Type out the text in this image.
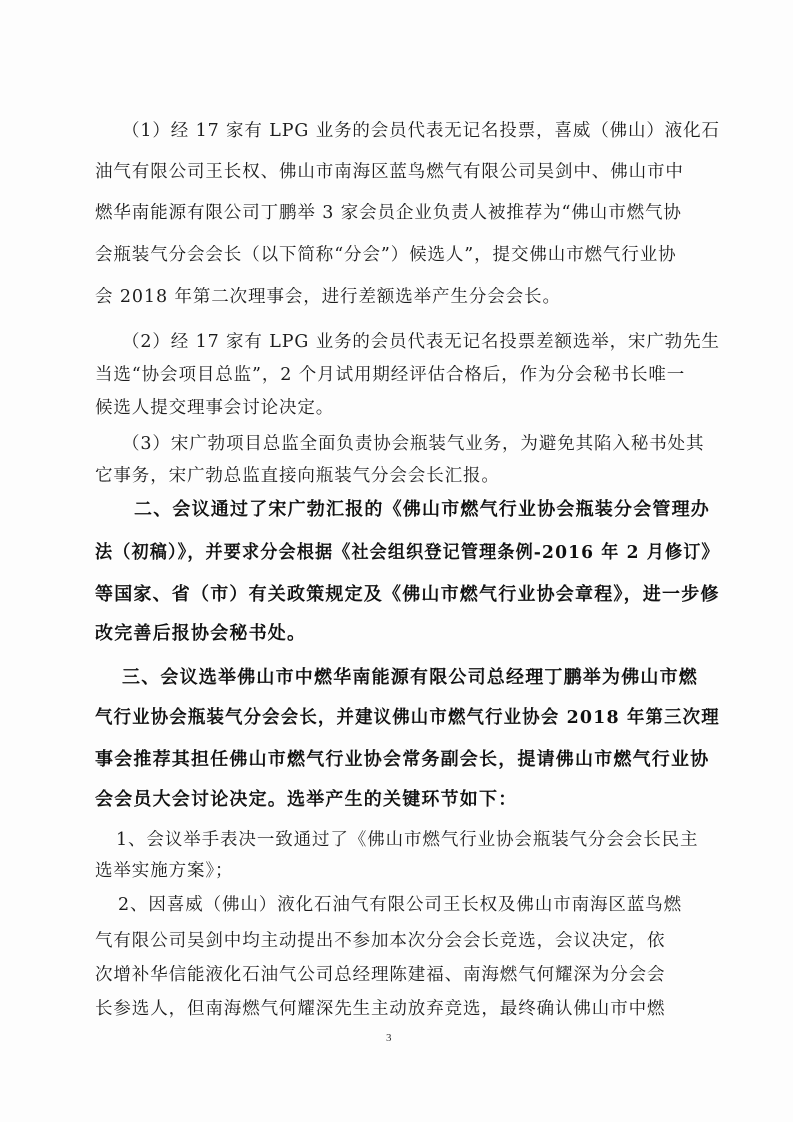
（1）经 17 家有 LPG 业务的会员代表无记名投票，喜威（佛山）液化石
油气有限公司王长权、佛山市南海区蓝鸟燃气有限公司吴剑中、佛山市中
燃华南能源有限公司丁鹏举 3 家会员企业负责人被推荐为“佛山市燃气协
会瓶装气分会会长（以下简称“分会”）候选人”，提交佛山市燃气行业协
会 2018 年第二次理事会，进行差额选举产生分会会长。
（2）经 17 家有 LPG 业务的会员代表无记名投票差额选举，宋广勃先生
当选“协会项目总监”，2 个月试用期经评估合格后，作为分会秘书长唯一
候选人提交理事会讨论决定。
（3）宋广勃项目总监全面负责协会瓶装气业务，为避免其陷入秘书处其
它事务，宋广勃总监直接向瓶装气分会会长汇报。
二、会议通过了宋广勃汇报的《佛山市燃气行业协会瓶装分会管理办
法（初稿）》，并要求分会根据《社会组织登记管理条例-2016 年 2 月修订》
等国家、省（市）有关政策规定及《佛山市燃气行业协会章程》，进一步修
改完善后报协会秘书处。
三、会议选举佛山市中燃华南能源有限公司总经理丁鹏举为佛山市燃
气行业协会瓶装气分会会长，并建议佛山市燃气行业协会 2018 年第三次理
事会推荐其担任佛山市燃气行业协会常务副会长，提请佛山市燃气行业协
会会员大会讨论决定。选举产生的关键环节如下：
1、会议举手表决一致通过了《佛山市燃气行业协会瓶装气分会会长民主
选举实施方案》；
2、因喜威（佛山）液化石油气有限公司王长权及佛山市南海区蓝鸟燃
气有限公司吴剑中均主动提出不参加本次分会会长竞选，会议决定，依
次增补华信能液化石油气公司总经理陈建福、南海燃气何耀深为分会会
长参选人，但南海燃气何耀深先生主动放弃竞选，最终确认佛山市中燃
3
